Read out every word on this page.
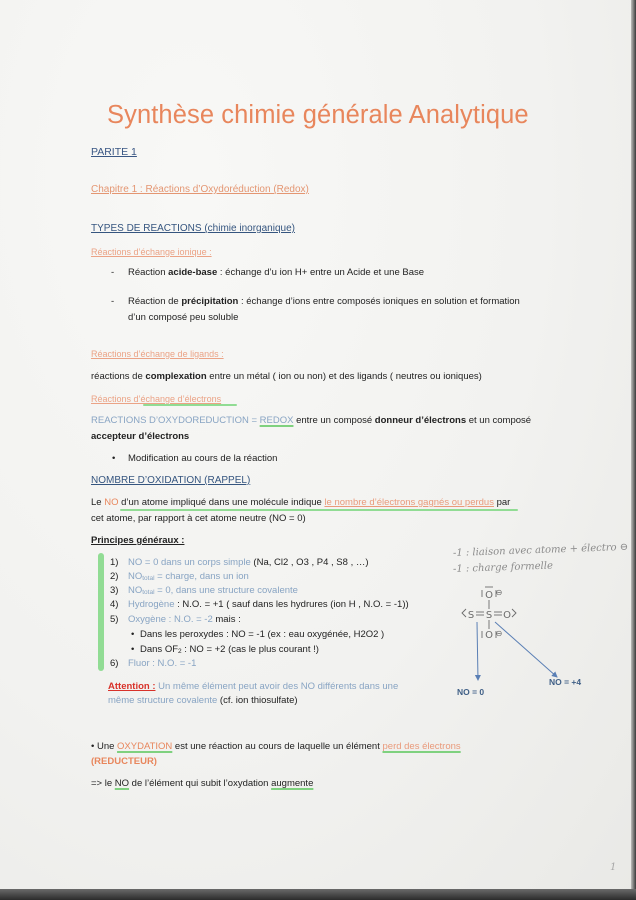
Synthèse chimie générale Analytique
PARITE 1
Chapitre 1 : Réactions d’Oxydoréduction (Redox)
TYPES DE REACTIONS (chimie inorganique)
Réactions d’échange ionique :
- Réaction acide-base : échange d’u ion H+ entre un Acide et une Base
- Réaction de précipitation : échange d’ions entre composés ioniques en solution et formation
d’un composé peu soluble
Réactions d’échange de ligands :
réactions de complexation entre un métal ( ion ou non) et des ligands ( neutres ou ioniques)
Réactions d’échange d’électrons
REACTIONS D’OXYDOREDUCTION = REDOX entre un composé donneur d’électrons et un composé
accepteur d’électrons
• Modification au cours de la réaction
NOMBRE D’OXIDATION (RAPPEL)
Le NO d’un atome impliqué dans une molécule indique le nombre d’électrons gagnés ou perdus par
cet atome, par rapport à cet atome neutre (NO = 0)
Principes généraux :
1) NO = 0 dans un corps simple (Na, Cl2 , O3 , P4 , S8 , …)
2) $NO_{total}$ = charge, dans un ion
3) $NO_{total} = 0$, dans une structure covalente
4) Hydrogène : N.O. = +1 ( sauf dans les hydrures (ion H , N.O. = -1))
5) Oxygène : N.O. = -2 mais :
• Dans les peroxydes : NO = -1 (ex : eau oxygénée, H2O2 )
• Dans $OF_2$ : NO = +2 (cas le plus courant !)
6) Fluor : N.O. = -1
Attention : Un même élément peut avoir des NO différents dans une
même structure covalente (cf. ion thiosulfate)
-1 : liaison avec atome + électro ⊖
-1 : charge formelle
O
S S O
O
⊖
⊖
NO = 0
NO = +4
• Une OXYDATION est une réaction au cours de laquelle un élément perd des électrons
(REDUCTEUR)
=> le NO de l’élément qui subit l’oxydation augmente
1
